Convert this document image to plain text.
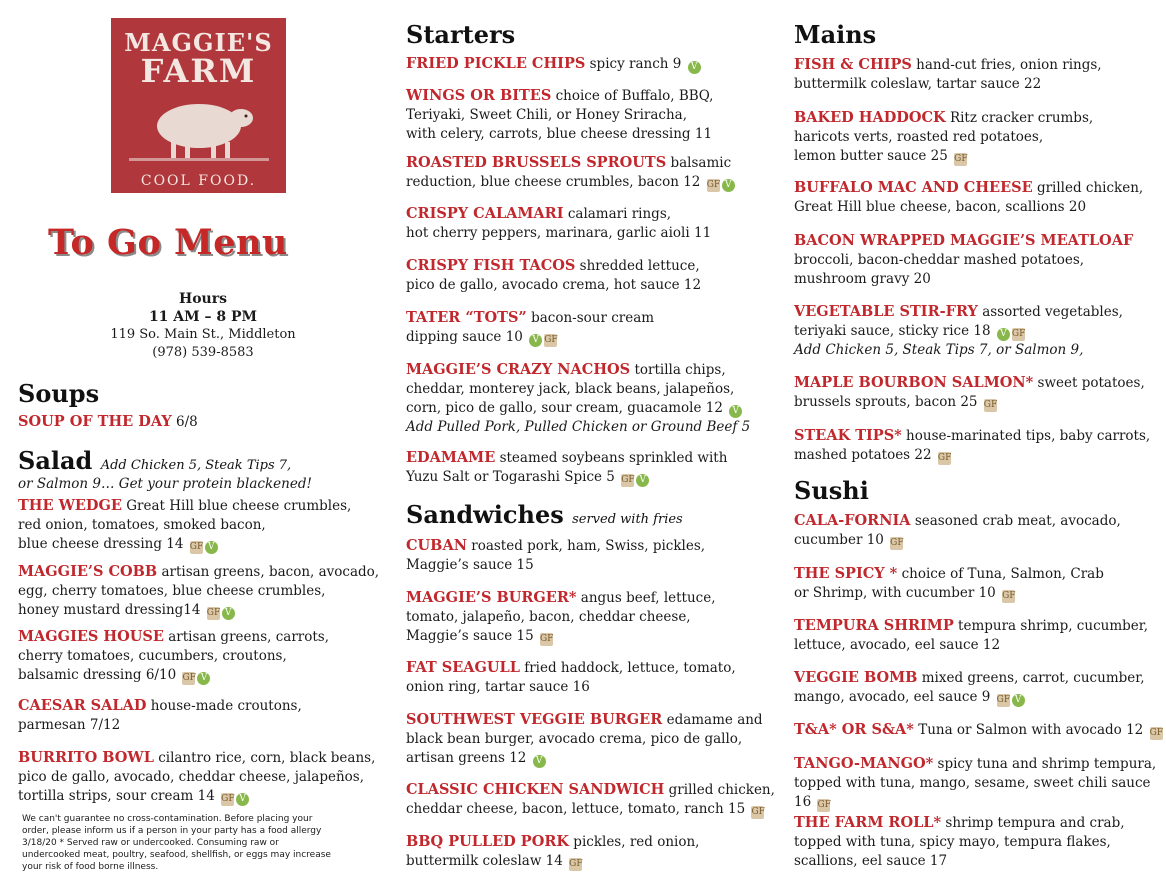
MAGGIE'S
FARM
COOL FOOD.
To Go Menu
Hours
11 AM – 8 PM
119 So. Main St., Middleton
(978) 539-8583
Soups
SOUP OF THE DAY 6/8
Salad Add Chicken 5, Steak Tips 7,
or Salmon 9… Get your protein blackened!
THE WEDGE Great Hill blue cheese crumbles,
red onion, tomatoes, smoked bacon,
blue cheese dressing 14 GF V
MAGGIE’S COBB artisan greens, bacon, avocado,
egg, cherry tomatoes, blue cheese crumbles,
honey mustard dressing14 GF V
MAGGIES HOUSE artisan greens, carrots,
cherry tomatoes, cucumbers, croutons,
balsamic dressing 6/10 GF V
CAESAR SALAD house-made croutons,
parmesan 7/12
BURRITO BOWL cilantro rice, corn, black beans,
pico de gallo, avocado, cheddar cheese, jalapeños,
tortilla strips, sour cream 14 GF V
We can't guarantee no cross-contamination. Before placing your
order, please inform us if a person in your party has a food allergy
3/18/20 * Served raw or undercooked. Consuming raw or
undercooked meat, poultry, seafood, shellfish, or eggs may increase
your risk of food borne illness.
Starters
FRIED PICKLE CHIPS spicy ranch 9 V
WINGS OR BITES choice of Buffalo, BBQ,
Teriyaki, Sweet Chili, or Honey Sriracha,
with celery, carrots, blue cheese dressing 11
ROASTED BRUSSELS SPROUTS balsamic
reduction, blue cheese crumbles, bacon 12 GF V
CRISPY CALAMARI calamari rings,
hot cherry peppers, marinara, garlic aioli 11
CRISPY FISH TACOS shredded lettuce,
pico de gallo, avocado crema, hot sauce 12
TATER “TOTS” bacon-sour cream
dipping sauce 10 V GF
MAGGIE’S CRAZY NACHOS tortilla chips,
cheddar, monterey jack, black beans, jalapeños,
corn, pico de gallo, sour cream, guacamole 12 V
Add Pulled Pork, Pulled Chicken or Ground Beef 5
EDAMAME steamed soybeans sprinkled with
Yuzu Salt or Togarashi Spice 5 GF V
Sandwiches served with fries
CUBAN roasted pork, ham, Swiss, pickles,
Maggie’s sauce 15
MAGGIE’S BURGER* angus beef, lettuce,
tomato, jalapeño, bacon, cheddar cheese,
Maggie’s sauce 15 GF
FAT SEAGULL fried haddock, lettuce, tomato,
onion ring, tartar sauce 16
SOUTHWEST VEGGIE BURGER edamame and
black bean burger, avocado crema, pico de gallo,
artisan greens 12 V
CLASSIC CHICKEN SANDWICH grilled chicken,
cheddar cheese, bacon, lettuce, tomato, ranch 15 GF
BBQ PULLED PORK pickles, red onion,
buttermilk coleslaw 14 GF
Mains
FISH & CHIPS hand-cut fries, onion rings,
buttermilk coleslaw, tartar sauce 22
BAKED HADDOCK Ritz cracker crumbs,
haricots verts, roasted red potatoes,
lemon butter sauce 25 GF
BUFFALO MAC AND CHEESE grilled chicken,
Great Hill blue cheese, bacon, scallions 20
BACON WRAPPED MAGGIE’S MEATLOAF
broccoli, bacon-cheddar mashed potatoes,
mushroom gravy 20
VEGETABLE STIR-FRY assorted vegetables,
teriyaki sauce, sticky rice 18 V GF
Add Chicken 5, Steak Tips 7, or Salmon 9,
MAPLE BOURBON SALMON* sweet potatoes,
brussels sprouts, bacon 25 GF
STEAK TIPS* house-marinated tips, baby carrots,
mashed potatoes 22 GF
Sushi
CALA-FORNIA seasoned crab meat, avocado,
cucumber 10 GF
THE SPICY * choice of Tuna, Salmon, Crab
or Shrimp, with cucumber 10 GF
TEMPURA SHRIMP tempura shrimp, cucumber,
lettuce, avocado, eel sauce 12
VEGGIE BOMB mixed greens, carrot, cucumber,
mango, avocado, eel sauce 9 GF V
T&A* OR S&A* Tuna or Salmon with avocado 12 GF
TANGO-MANGO* spicy tuna and shrimp tempura,
topped with tuna, mango, sesame, sweet chili sauce 16 GF
THE FARM ROLL* shrimp tempura and crab,
topped with tuna, spicy mayo, tempura flakes,
scallions, eel sauce 17
